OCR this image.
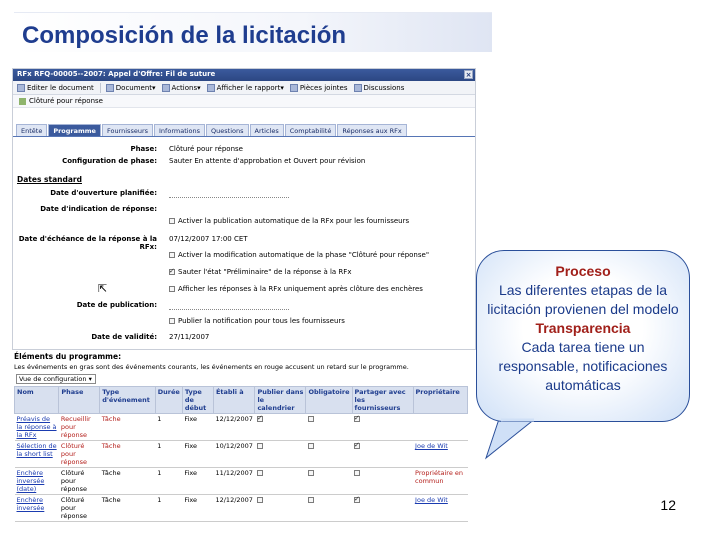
Composición de la licitación
RFx RFQ-00005--2007: Appel d'Offre: Fil de suture	×
Editer le document	Document ▾ Actions ▾ Afficher le rapport ▾ Pièces jointes Discussions
Clôturé pour réponse
Entête	Programme	Fournisseurs	Informations	Questions	Articles	Comptabilité	Réponses aux RFx
Phase: Clôturé pour réponse
Configuration de phase: Sauter En attente d'approbation et Ouvert pour révision
Dates standard
Date d'ouverture planifiée:
Date d'indication de réponse:
Activer la publication automatique de la RFx pour les fournisseurs
Date d'échéance de la réponse à la RFx:
07/12/2007 17:00 CET
Activer la modification automatique de la phase "Clôturé pour réponse"
✓Sauter l'état "Préliminaire" de la réponse à la RFx
Afficher les réponses à la RFx uniquement après clôture des enchères
Date de publication:
Publier la notification pour tous les fournisseurs
Date de validité: 27/11/2007
⇱
Éléments du programme:
Les événements en gras sont des événements courants, les événements en rouge accusent un retard sur le programme.
Vue de configuration ▾
Nom	Phase	Type d'événement	Durée	Type de début	Établi à	Publier dans le calendrier	Obligatoire	Partager avec les fournisseurs	Propriétaire
Préavis de la réponse à la RFx	Recueillir pour réponse	Tâche	1	Fixe	12/12/2007	✓		✓	
Sélection de la short list	Clôturé pour réponse	Tâche	1	Fixe	10/12/2007			✓	Joe de Wit
Enchère inversée (date)	Clôturé pour réponse	Tâche	1	Fixe	11/12/2007				Propriétaire en commun
Enchère inversée	Clôturé pour réponse	Tâche	1	Fixe	12/12/2007			✓	Joe de Wit
Proceso
Las diferentes etapas de la licitación provienen del modelo
Transparencia
Cada tarea tiene un responsable, notificaciones automáticas
12
